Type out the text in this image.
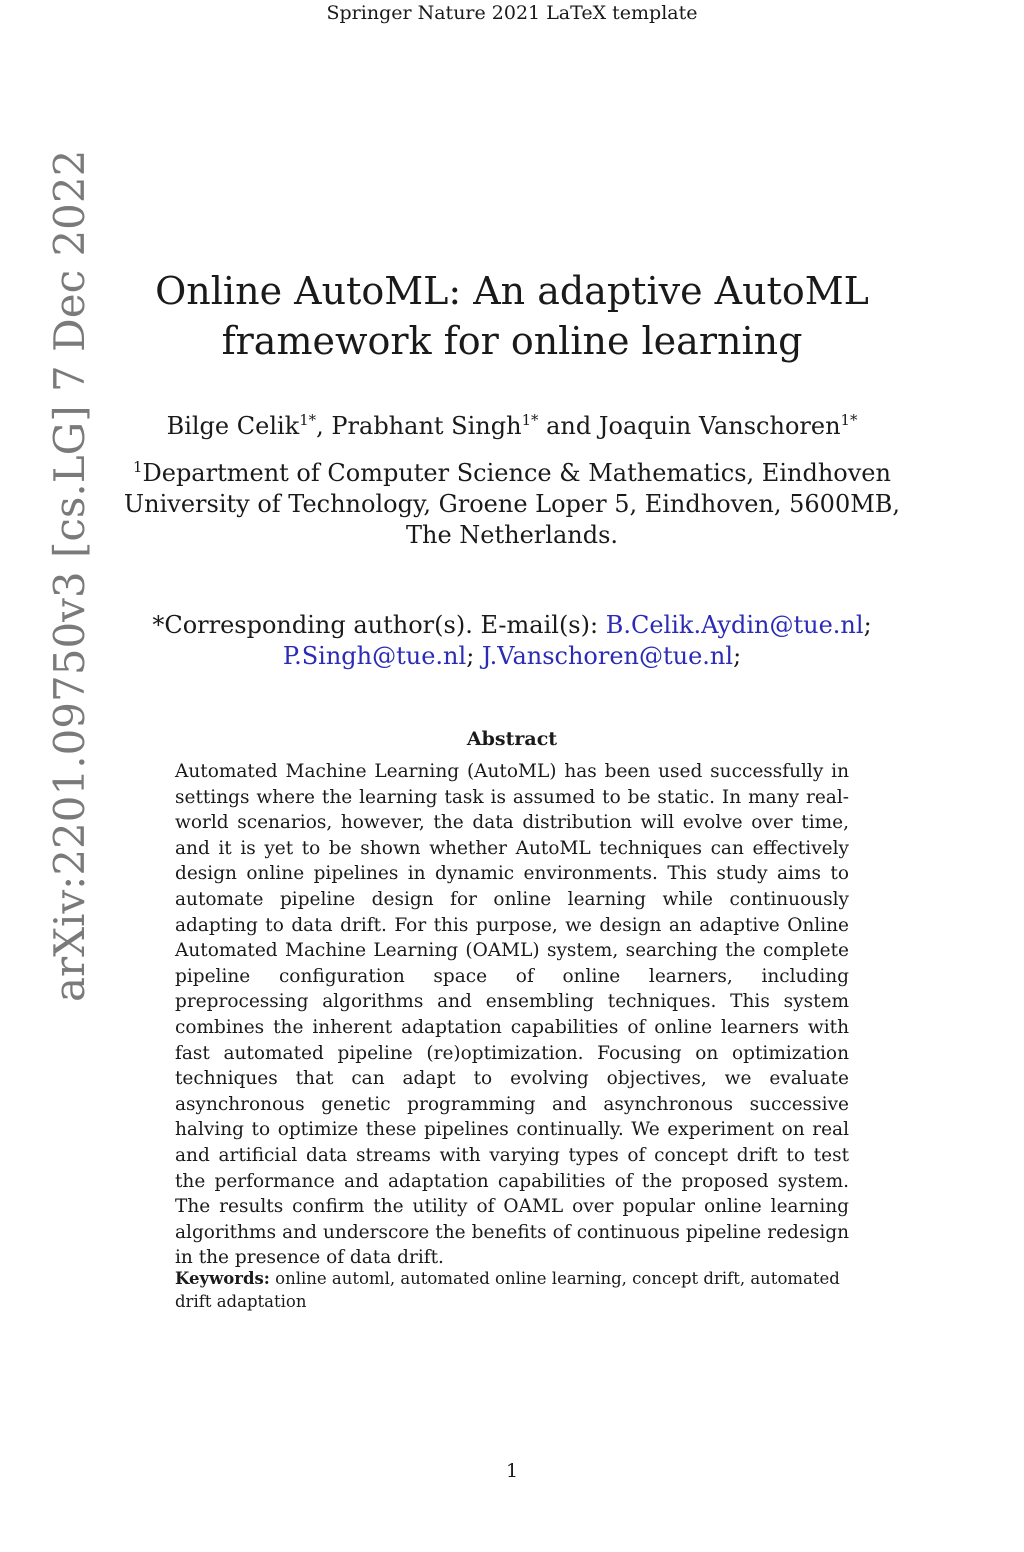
Springer Nature 2021 LaTeX template
arXiv:2201.09750v3 [cs.LG] 7 Dec 2022	Online AutoML: An adaptive AutoML
framework for online learning
Bilge Celik$^{1*}$, Prabhant Singh$^{1*}$ and Joaquin Vanschoren$^{1*}$
$^1$Department of Computer Science & Mathematics, Eindhoven University of Technology, Groene Loper 5, Eindhoven, 5600MB, The Netherlands.
*Corresponding author(s). E-mail(s): B.Celik.Aydin@tue.nl;
P.Singh@tue.nl; J.Vanschoren@tue.nl;
Abstract
Automated Machine Learning (AutoML) has been used successfully in settings where the learning task is assumed to be static. In many real-world scenarios, however, the data distribution will evolve over time, and it is yet to be shown whether AutoML techniques can effectively design online pipelines in dynamic environments. This study aims to automate pipeline design for online learning while continuously adapting to data drift. For this purpose, we design an adaptive Online Automated Machine Learning (OAML) system, searching the complete pipeline configuration space of online learners, including preprocessing algorithms and ensembling techniques. This system combines the inherent adaptation capabilities of online learners with fast automated pipeline (re)optimization. Focusing on optimization techniques that can adapt to evolving objectives, we evaluate asynchronous genetic programming and asynchronous successive halving to optimize these pipelines continually. We experiment on real and artificial data streams with varying types of concept drift to test the performance and adaptation capabilities of the proposed system. The results confirm the utility of OAML over popular online learning algorithms and underscore the benefits of continuous pipeline redesign in the presence of data drift.
Keywords: online automl, automated online learning, concept drift, automated drift adaptation
1
